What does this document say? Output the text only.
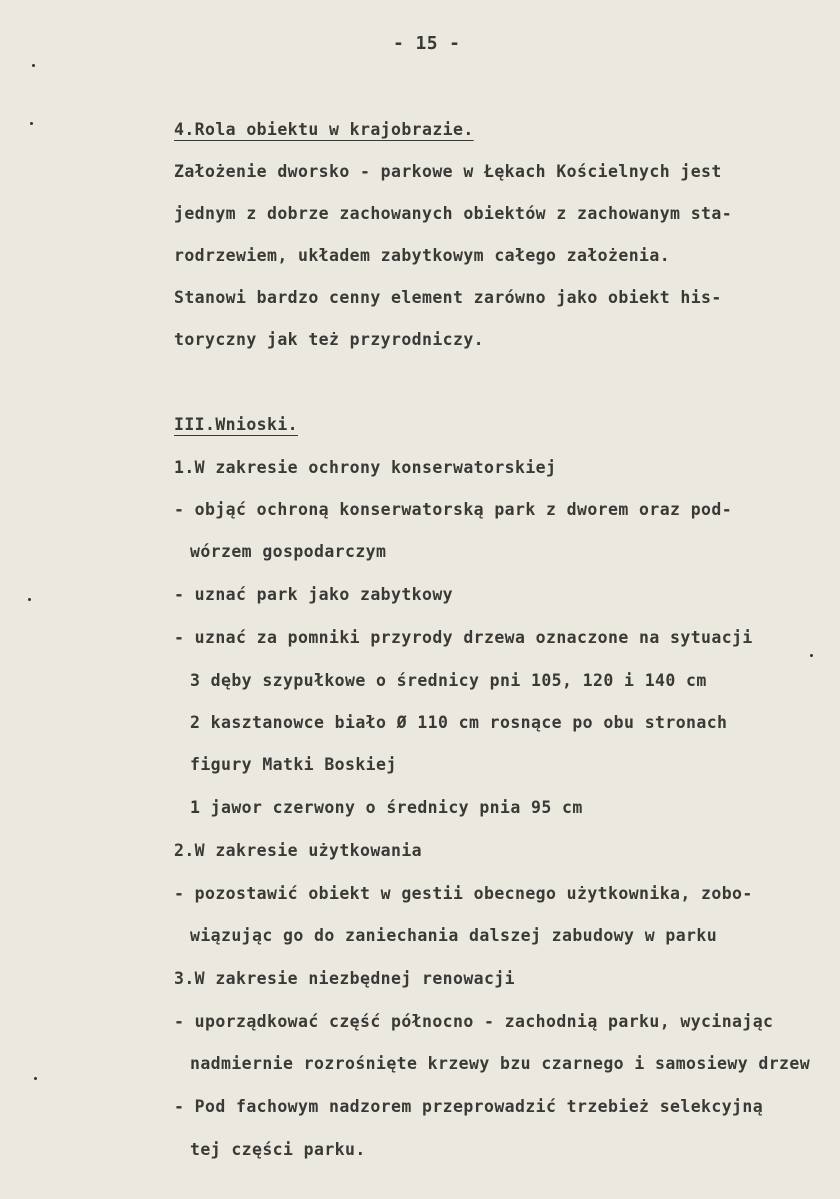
- 15 -
4.Rola obiektu w krajobrazie.
Założenie dworsko - parkowe w Łękach Kościelnych jest
jednym z dobrze zachowanych obiektów z zachowanym sta-
rodrzewiem, układem zabytkowym całego założenia.
Stanowi bardzo cenny element zarówno jako obiekt his-
toryczny jak też przyrodniczy.
III.Wnioski.
1.W zakresie ochrony konserwatorskiej
- objąć ochroną konserwatorską park z dworem oraz pod-
wórzem gospodarczym
- uznać park jako zabytkowy
- uznać za pomniki przyrody drzewa oznaczone na sytuacji
3 dęby szypułkowe o średnicy pni 105, 120 i 140 cm
2 kasztanowce biało Ø 110 cm rosnące po obu stronach
figury Matki Boskiej
1 jawor czerwony o średnicy pnia 95 cm
2.W zakresie użytkowania
- pozostawić obiekt w gestii obecnego użytkownika, zobo-
wiązując go do zaniechania dalszej zabudowy w parku
3.W zakresie niezbędnej renowacji
- uporządkować część północno - zachodnią parku, wycinając
nadmiernie rozrośnięte krzewy bzu czarnego i samosiewy drzew
- Pod fachowym nadzorem przeprowadzić trzebież selekcyjną
tej części parku.
